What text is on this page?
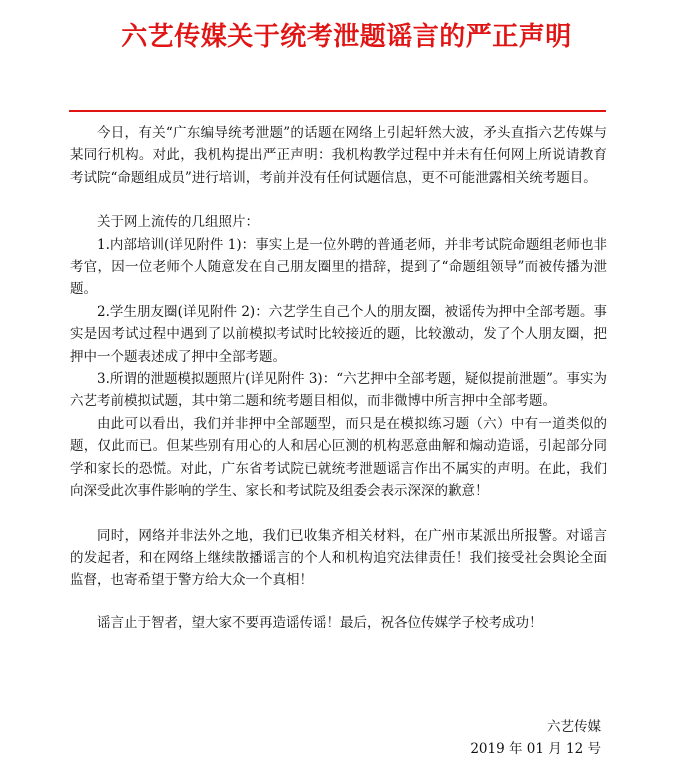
六艺传媒关于统考泄题谣言的严正声明

今日，有关“广东编导统考泄题”的话题在网络上引起轩然大波，矛头直指六艺传媒与某同行机构。对此，我机构提出严正声明：我机构教学过程中并未有任何网上所说请教育考试院“命题组成员”进行培训，考前并没有任何试题信息，更不可能泄露相关统考题目。

关于网上流传的几组照片：

1.内部培训(详见附件 1)：事实上是一位外聘的普通老师，并非考试院命题组老师也非考官，因一位老师个人随意发在自己朋友圈里的措辞，提到了“命题组领导”而被传播为泄题。

2.学生朋友圈(详见附件 2)：六艺学生自己个人的朋友圈，被谣传为押中全部考题。事实是因考试过程中遇到了以前模拟考试时比较接近的题，比较激动，发了个人朋友圈，把押中一个题表述成了押中全部考题。

3.所谓的泄题模拟题照片(详见附件 3)：“六艺押中全部考题，疑似提前泄题”。事实为六艺考前模拟试题，其中第二题和统考题目相似，而非微博中所言押中全部考题。

由此可以看出，我们并非押中全部题型，而只是在模拟练习题（六）中有一道类似的题，仅此而已。但某些别有用心的人和居心叵测的机构恶意曲解和煽动造谣，引起部分同学和家长的恐慌。对此，广东省考试院已就统考泄题谣言作出不属实的声明。在此，我们向深受此次事件影响的学生、家长和考试院及组委会表示深深的歉意！

同时，网络并非法外之地，我们已收集齐相关材料，在广州市某派出所报警。对谣言的发起者，和在网络上继续散播谣言的个人和机构追究法律责任！我们接受社会舆论全面监督，也寄希望于警方给大众一个真相！

谣言止于智者，望大家不要再造谣传谣！最后，祝各位传媒学子校考成功！

六艺传媒
2019 年 01 月 12 号
